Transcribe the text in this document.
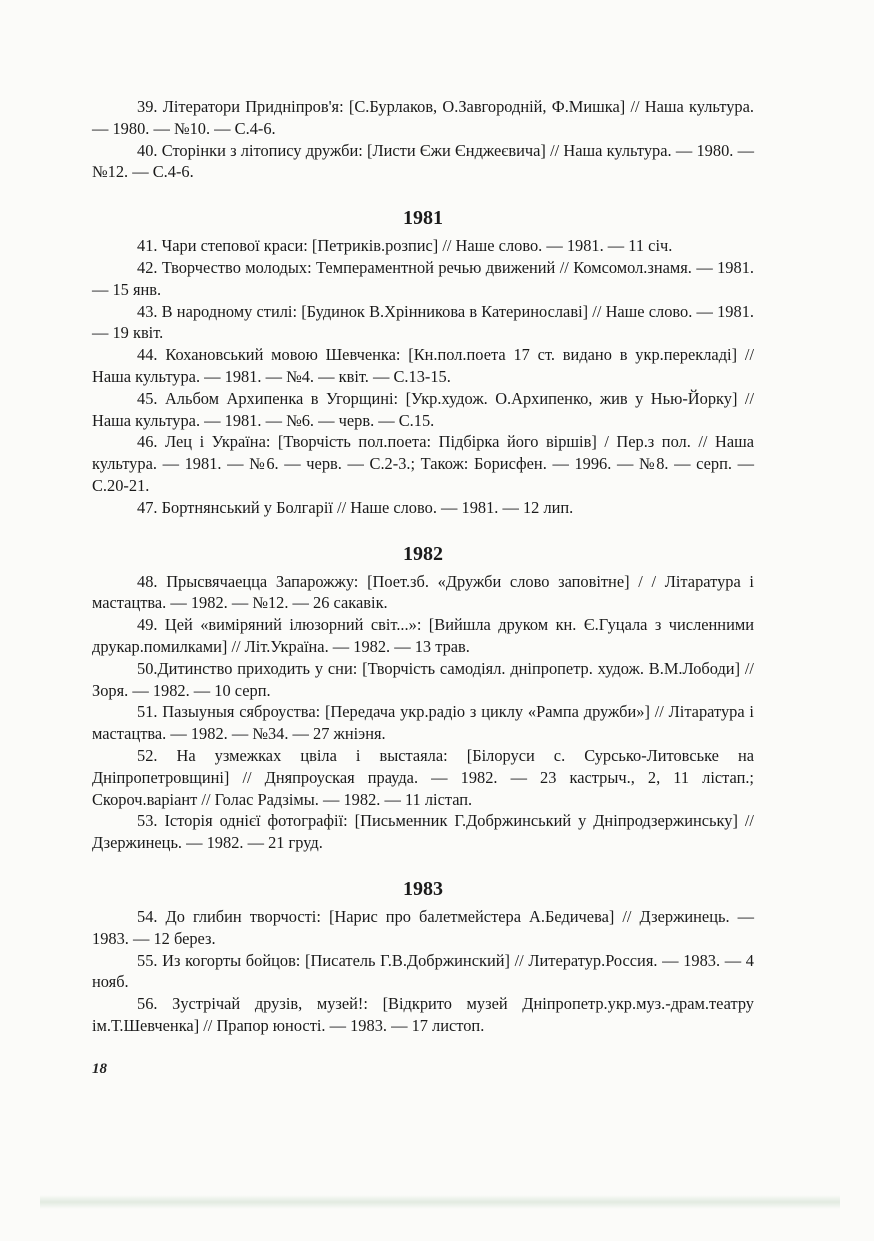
39. Літератори Придніпров'я: [С.Бурлаков, О.Завгородній, Ф.Мишка] // Наша культура. — 1980. — №10. — С.4-6.

40. Сторінки з літопису дружби: [Листи Єжи Єнджеєвича] // Наша культура. — 1980. — №12. — С.4-6.

1981

41. Чари степової краси: [Петриків.розпис] // Наше слово. — 1981. — 11 січ.

42. Творчество молодых: Темпераментной речью движений // Комсомол.знамя. — 1981. — 15 янв.

43. В народному стилі: [Будинок В.Хрінникова в Катеринославі] // Наше слово. — 1981. — 19 квіт.

44. Кохановський мовою Шевченка: [Кн.пол.поета 17 ст. видано в укр.перекладі] // Наша культура. — 1981. — №4. — квіт. — С.13-15.

45. Альбом Архипенка в Угорщині: [Укр.худож. О.Архипенко, жив у Нью-Йорку] // Наша культура. — 1981. — №6. — черв. — С.15.

46. Лец і Україна: [Творчість пол.поета: Підбірка його віршів] / Пер.з пол. // Наша культура. — 1981. — №6. — черв. — С.2-3.; Також: Борисфен. — 1996. — №8. — серп. — С.20-21.

47. Бортнянський у Болгарії // Наше слово. — 1981. — 12 лип.

1982

48. Прысвячаецца Запарожжу: [Поет.зб. «Дружби слово заповітне] / / Літаратура і мастацтва. — 1982. — №12. — 26 сакавік.

49. Цей «виміряний ілюзорний світ...»: [Вийшла друком кн. Є.Гуцала з численними друкар.помилками] // Літ.Україна. — 1982. — 13 трав.

50.Дитинство приходить у сни: [Творчість самодіял. дніпропетр. худож. В.М.Лободи] // Зоря. — 1982. — 10 серп.

51. Пазыуныя сяброуства: [Передача укр.радіо з циклу «Рампа дружби»] // Літаратура і мастацтва. — 1982. — №34. — 27 жніэня.

52. На узмежках цвіла і выстаяла: [Білоруси с. Сурсько-Литовське на Дніпропетровщині] // Дняпроуская прауда. — 1982. — 23 кастрыч., 2, 11 лістап.; Скороч.варіант // Голас Радзімы. — 1982. — 11 лістап.

53. Історія однієї фотографії: [Письменник Г.Добржинський у Дніпродзержинську] // Дзержинець. — 1982. — 21 груд.

1983

54. До глибин творчості: [Нарис про балетмейстера А.Бедичева] // Дзержинець. — 1983. — 12 берез.

55. Из когорты бойцов: [Писатель Г.В.Добржинский] // Литератур.Россия. — 1983. — 4 нояб.

56. Зустрічай друзів, музей!: [Відкрито музей Дніпропетр.укр.муз.-драм.театру ім.Т.Шевченка] // Прапор юності. — 1983. — 17 листоп.

18
